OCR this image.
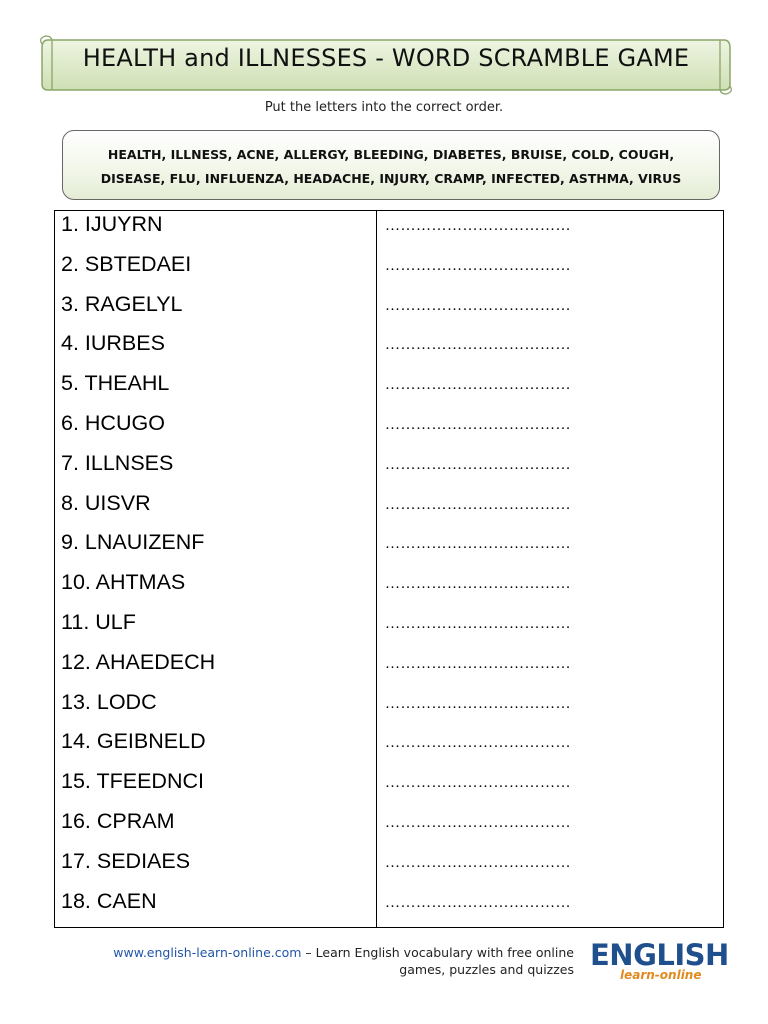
HEALTH and ILLNESSES - WORD SCRAMBLE GAME
Put the letters into the correct order.
HEALTH, ILLNESS, ACNE, ALLERGY, BLEEDING, DIABETES, BRUISE, COLD, COUGH,
DISEASE, FLU, INFLUENZA, HEADACHE, INJURY, CRAMP, INFECTED, ASTHMA, VIRUS
1. IJUYRN	………………………………
2. SBTEDAEI	………………………………
3. RAGELYL	………………………………
4. IURBES	………………………………
5. THEAHL	………………………………
6. HCUGO	………………………………
7. ILLNSES	………………………………
8. UISVR	………………………………
9. LNAUIZENF	………………………………
10. AHTMAS	………………………………
11. ULF	………………………………
12. AHAEDECH	………………………………
13. LODC	………………………………
14. GEIBNELD	………………………………
15. TFEEDNCI	………………………………
16. CPRAM	………………………………
17. SEDIAES	………………………………
18. CAEN	………………………………
www.english-learn-online.com – Learn English vocabulary with free online
games, puzzles and quizzes ENGLISH
learn-online
